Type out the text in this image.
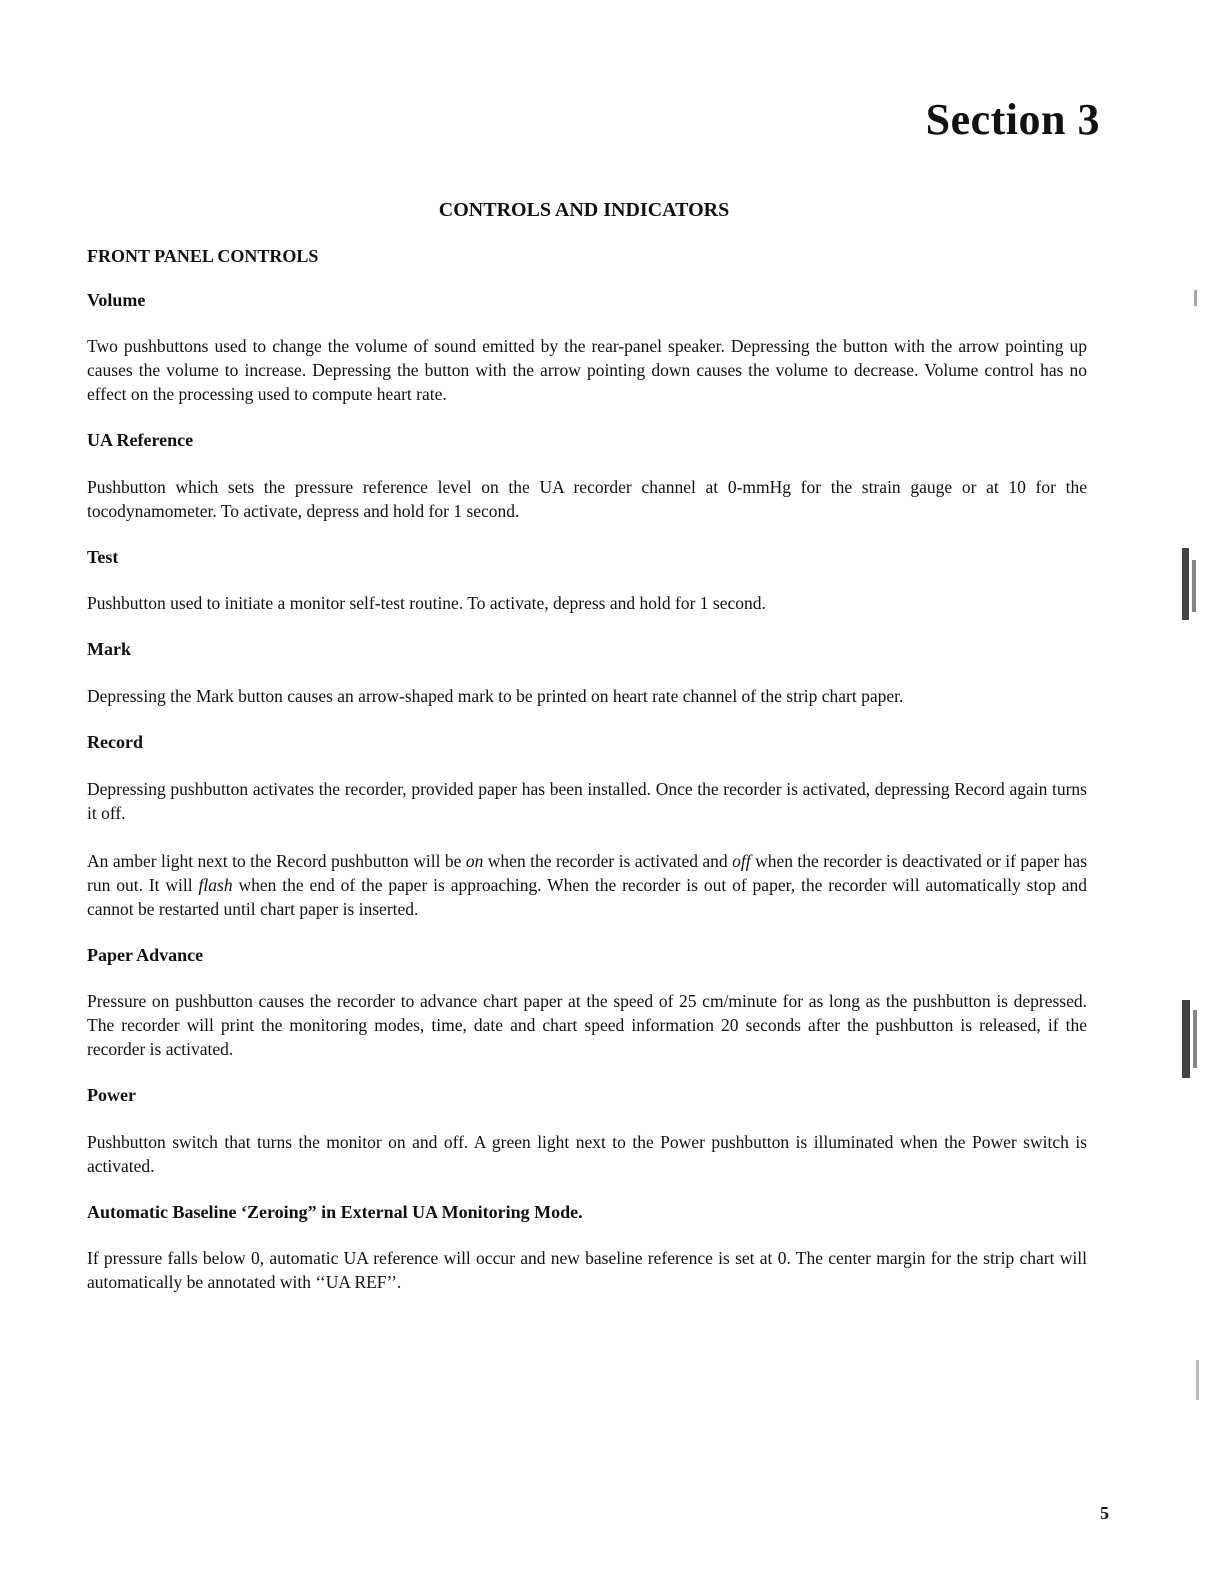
Section 3
CONTROLS AND INDICATORS
FRONT PANEL CONTROLS
Volume

Two pushbuttons used to change the volume of sound emitted by the rear-panel speaker. Depressing the button with the arrow pointing up causes the volume to increase. Depressing the button with the arrow pointing down causes the volume to decrease. Volume control has no effect on the processing used to compute heart rate.

UA Reference

Pushbutton which sets the pressure reference level on the UA recorder channel at 0-mmHg for the strain gauge or at 10 for the tocodynamometer. To activate, depress and hold for 1 second.

Test

Pushbutton used to initiate a monitor self-test routine. To activate, depress and hold for 1 second.

Mark

Depressing the Mark button causes an arrow-shaped mark to be printed on heart rate channel of the strip chart paper.

Record

Depressing pushbutton activates the recorder, provided paper has been installed. Once the recorder is activated, depressing Record again turns it off.

An amber light next to the Record pushbutton will be on when the recorder is activated and off when the recorder is deactivated or if paper has run out. It will flash when the end of the paper is approaching. When the recorder is out of paper, the recorder will automatically stop and cannot be restarted until chart paper is inserted.

Paper Advance

Pressure on pushbutton causes the recorder to advance chart paper at the speed of 25 cm/minute for as long as the pushbutton is depressed. The recorder will print the monitoring modes, time, date and chart speed information 20 seconds after the pushbutton is released, if the recorder is activated.

Power

Pushbutton switch that turns the monitor on and off. A green light next to the Power pushbutton is illuminated when the Power switch is activated.

Automatic Baseline ‘Zeroing” in External UA Monitoring Mode.

If pressure falls below 0, automatic UA reference will occur and new baseline reference is set at 0. The center margin for the strip chart will automatically be annotated with ‘‘UA REF’’.

5
